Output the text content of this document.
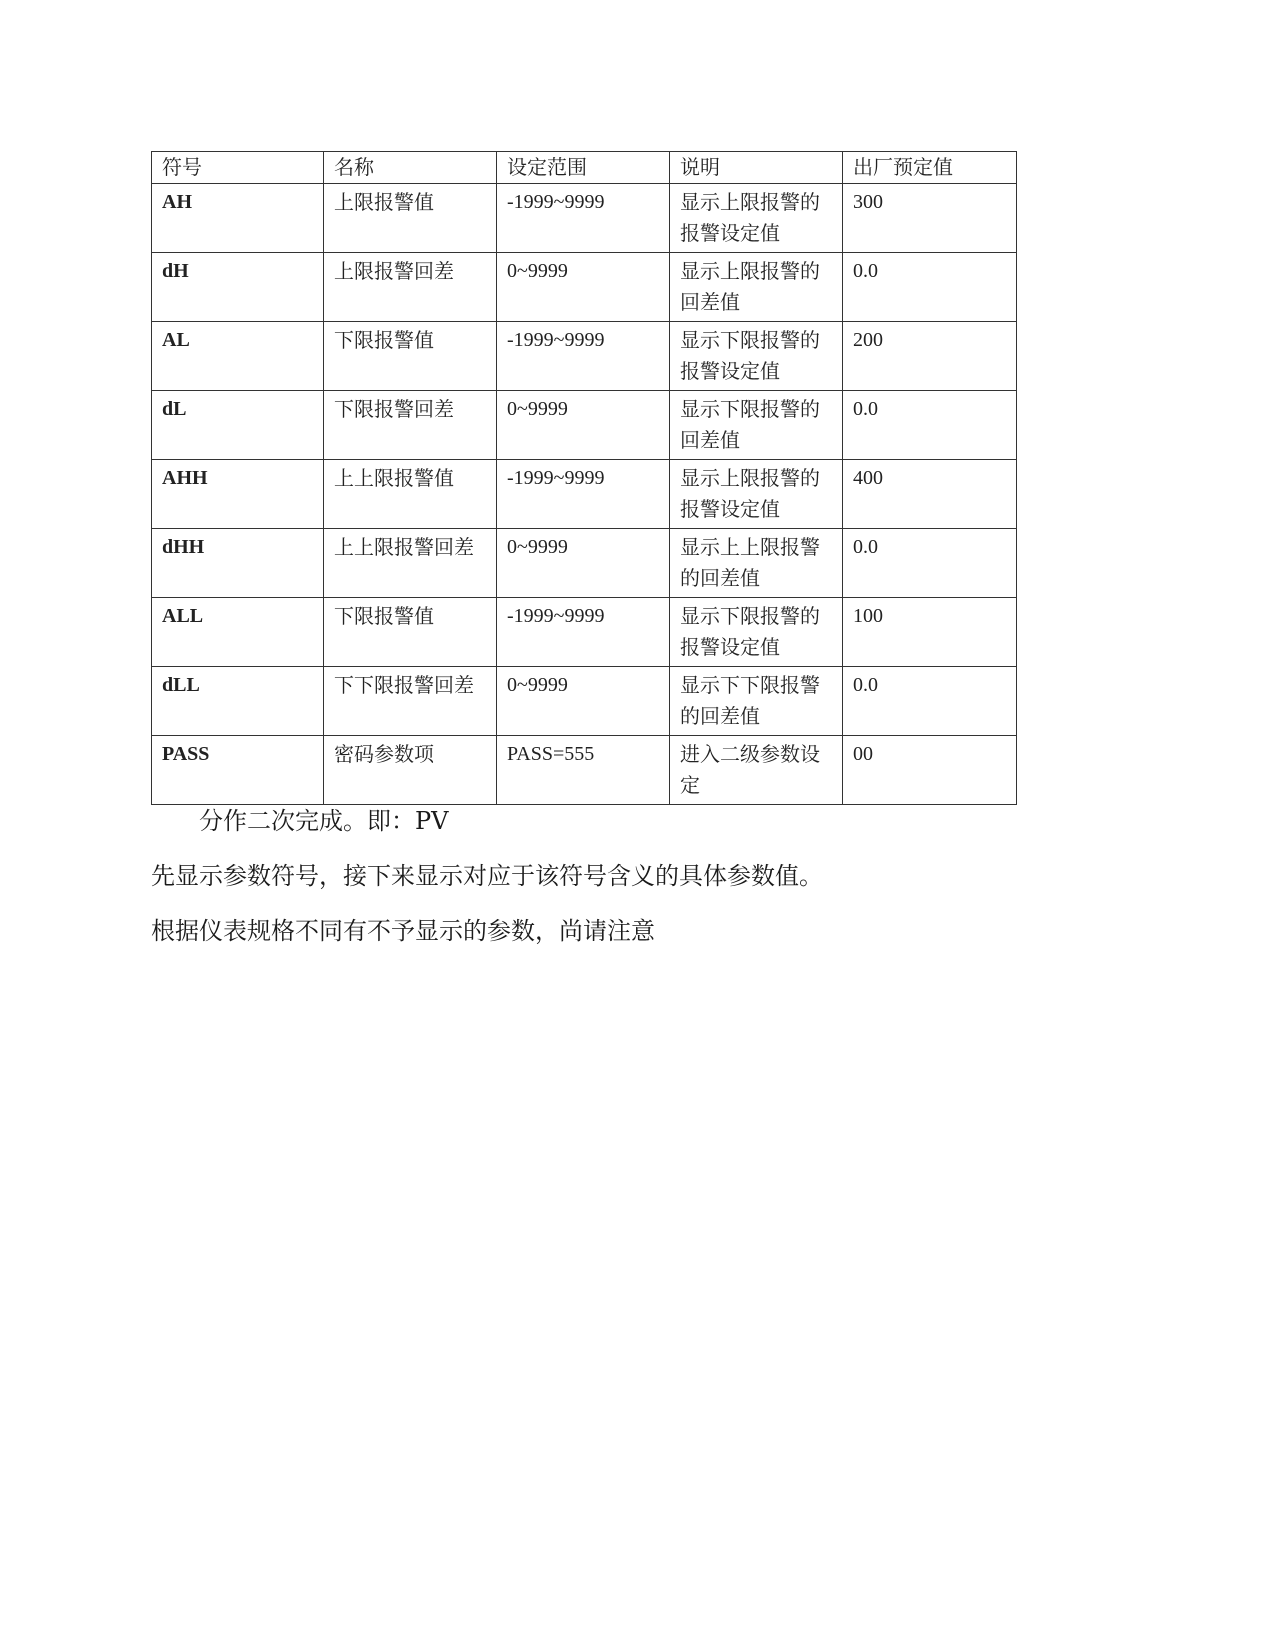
符号	名称	设定范围	说明	出厂预定值
AH	上限报警值	-1999~9999	显示上限报警的报警设定值	300
dH	上限报警回差	0~9999	显示上限报警的回差值	0.0
AL	下限报警值	-1999~9999	显示下限报警的报警设定值	200
dL	下限报警回差	0~9999	显示下限报警的回差值	0.0
AHH	上上限报警值	-1999~9999	显示上限报警的报警设定值	400
dHH	上上限报警回差	0~9999	显示上上限报警的回差值	0.0
ALL	下限报警值	-1999~9999	显示下限报警的报警设定值	100
dLL	下下限报警回差	0~9999	显示下下限报警的回差值	0.0
PASS	密码参数项	PASS=555	进入二级参数设定	00

分作二次完成。即：PV

先显示参数符号，接下来显示对应于该符号含义的具体参数值。

根据仪表规格不同有不予显示的参数，尚请注意
